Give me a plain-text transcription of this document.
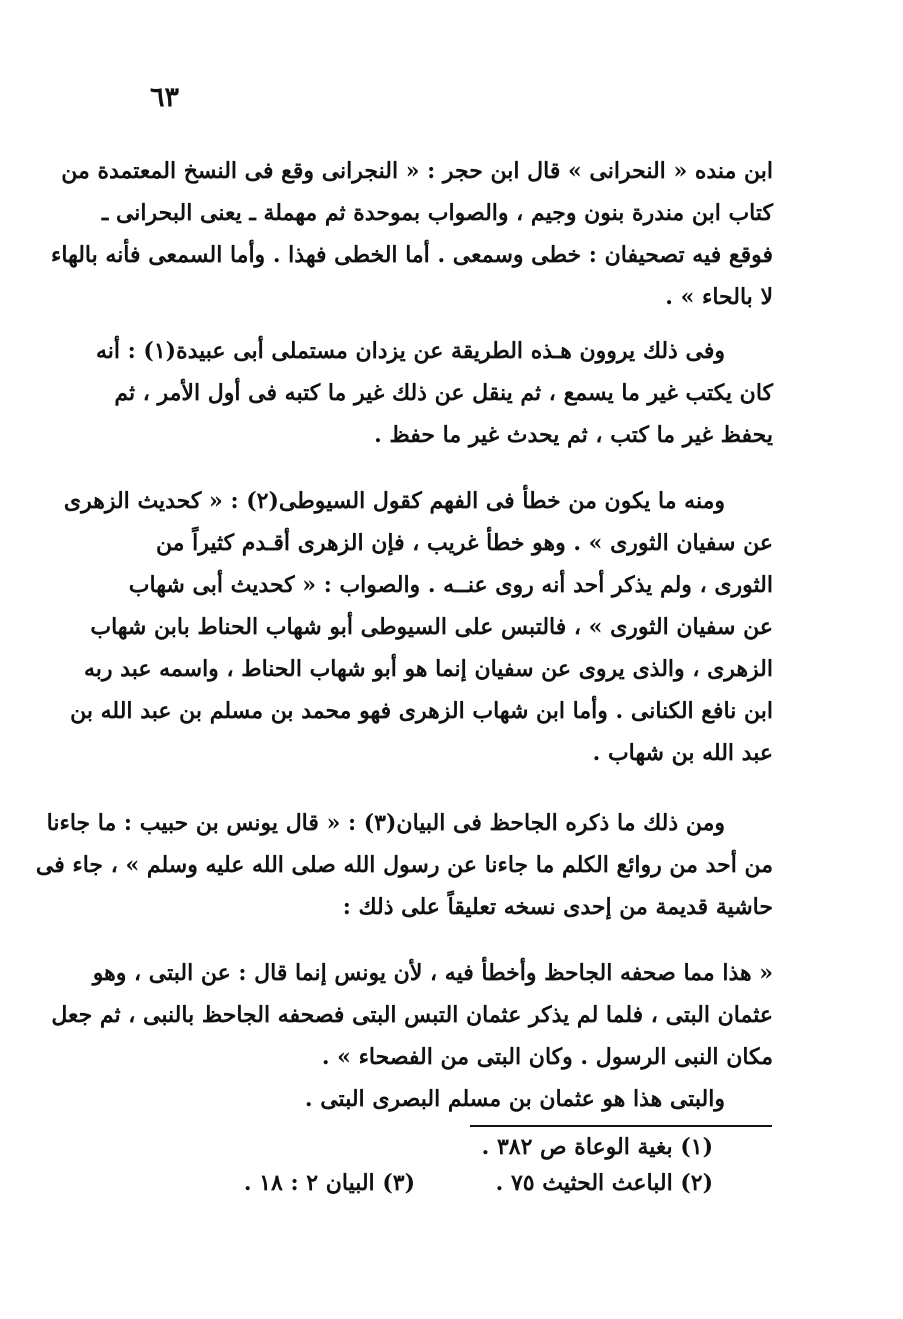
٦٣
ابن منده « النحرانى » قال ابن حجر : « النجرانى وقع فى النسخ المعتمدة من
كتاب ابن مندرة بنون وجيم ، والصواب بموحدة ثم مهملة ـ يعنى البحرانى ـ
فوقع فيه تصحيفان : خطى وسمعى . أما الخطى فهذا . وأما السمعى فأنه بالهاء
لا بالحاء » .
وفى ذلك يروون هـذه الطريقة عن يزدان مستملى أبى عبيدة(١) : أنه
كان يكتب غير ما يسمع ، ثم ينقل عن ذلك غير ما كتبه فى أول الأمر ، ثم
يحفظ غير ما كتب ، ثم يحدث غير ما حفظ .
ومنه ما يكون من خطأ فى الفهم كقول السيوطى(٢) : « كحديث الزهرى
عن سفيان الثورى » . وهو خطأ غريب ، فإن الزهرى أقـدم كثيراً من
الثورى ، ولم يذكر أحد أنه روى عنــه . والصواب : « كحديث أبى شهاب
عن سفيان الثورى » ، فالتبس على السيوطى أبو شهاب الحناط بابن شهاب
الزهرى ، والذى يروى عن سفيان إنما هو أبو شهاب الحناط ، واسمه عبد ربه
ابن نافع الكنانى . وأما ابن شهاب الزهرى فهو محمد بن مسلم بن عبد الله بن
عبد الله بن شهاب .
ومن ذلك ما ذكره الجاحظ فى البيان(٣) : « قال يونس بن حبيب : ما جاءنا
من أحد من روائع الكلم ما جاءنا عن رسول الله صلى الله عليه وسلم » ، جاء فى
حاشية قديمة من إحدى نسخه تعليقاً على ذلك :
« هذا مما صحفه الجاحظ وأخطأ فيه ، لأن يونس إنما قال : عن البتى ، وهو
عثمان البتى ، فلما لم يذكر عثمان التبس البتى فصحفه الجاحظ بالنبى ، ثم جعل
مكان النبى الرسول . وكان البتى من الفصحاء » .
والبتى هذا هو عثمان بن مسلم البصرى البتى .
(١) بغية الوعاة ص ٣٨٢ .
(٢) الباعث الحثيث ٧٥ .
(٣) البيان ٢ : ١٨ .
